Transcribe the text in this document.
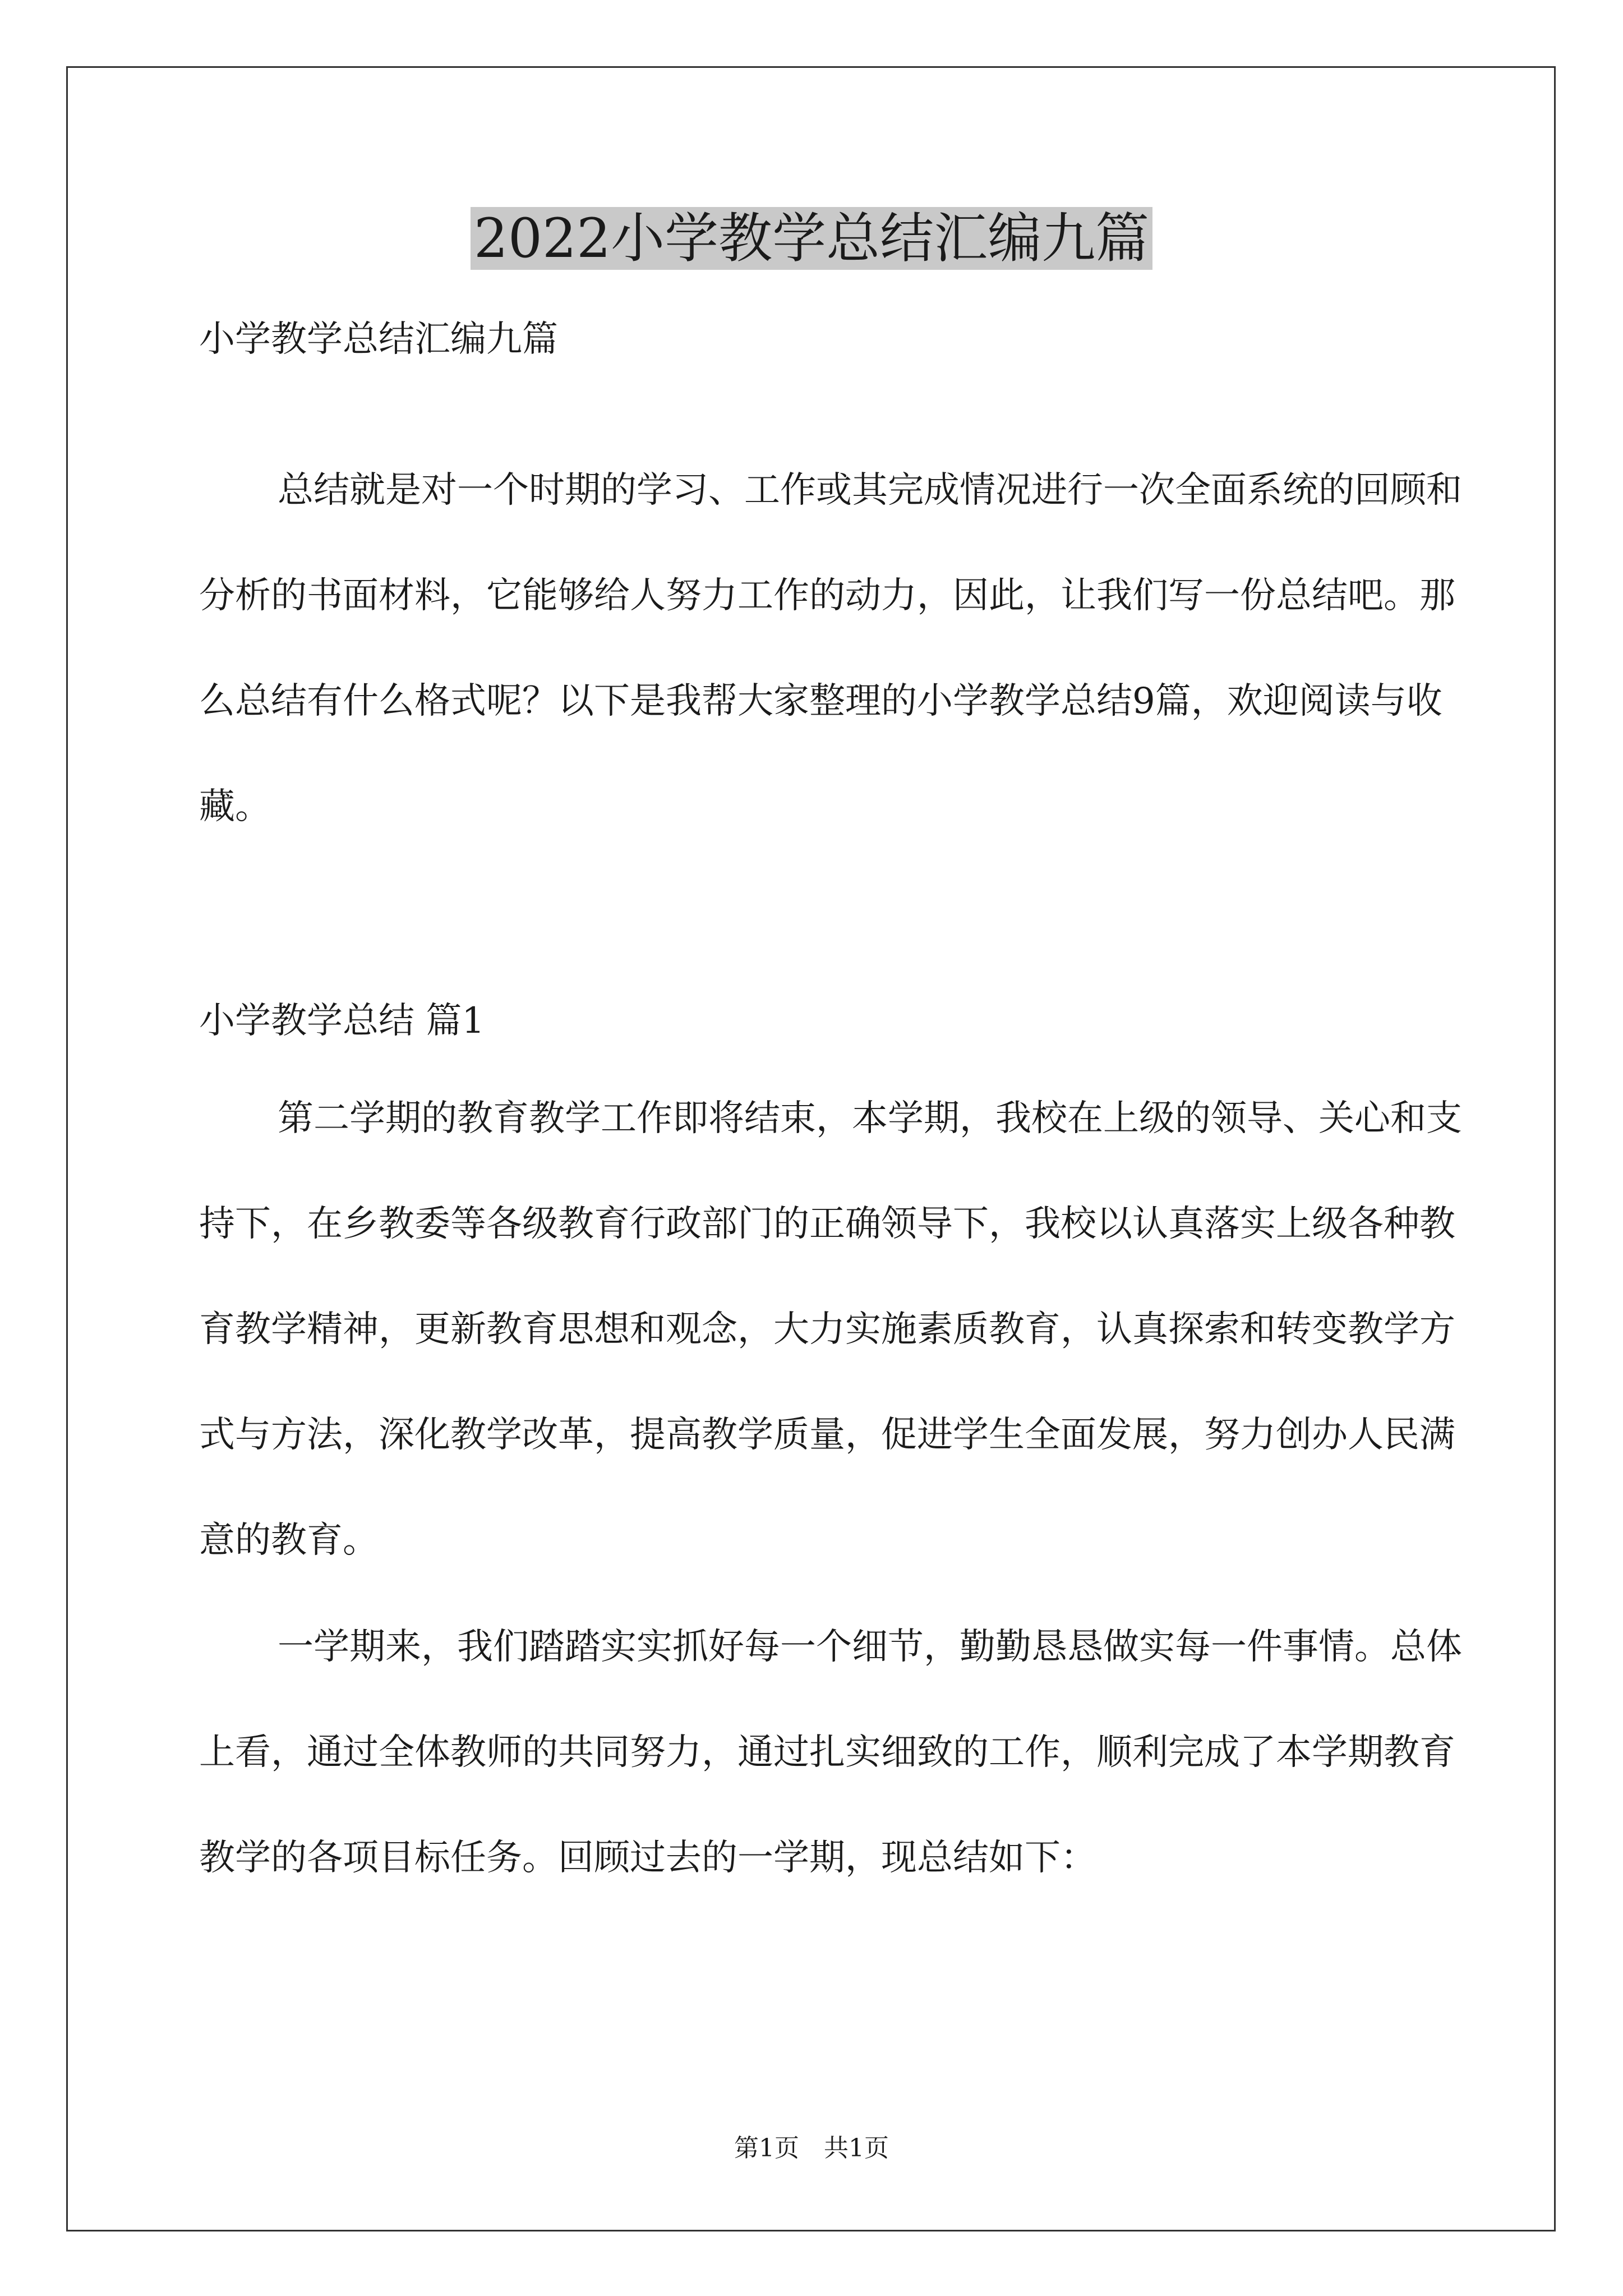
2022小学教学总结汇编九篇

小学教学总结汇编九篇

总结就是对一个时期的学习、工作或其完成情况进行一次全面系统的回顾和分析的书面材料，它能够给人努力工作的动力，因此，让我们写一份总结吧。那么总结有什么格式呢？以下是我帮大家整理的小学教学总结9篇，欢迎阅读与收藏。

小学教学总结 篇1

第二学期的教育教学工作即将结束，本学期，我校在上级的领导、关心和支持下，在乡教委等各级教育行政部门的正确领导下，我校以认真落实上级各种教育教学精神，更新教育思想和观念，大力实施素质教育，认真探索和转变教学方式与方法，深化教学改革，提高教学质量，促进学生全面发展，努力创办人民满意的教育。

一学期来，我们踏踏实实抓好每一个细节，勤勤恳恳做实每一件事情。总体上看，通过全体教师的共同努力，通过扎实细致的工作，顺利完成了本学期教育教学的各项目标任务。回顾过去的一学期，现总结如下：

第1页　共1页
